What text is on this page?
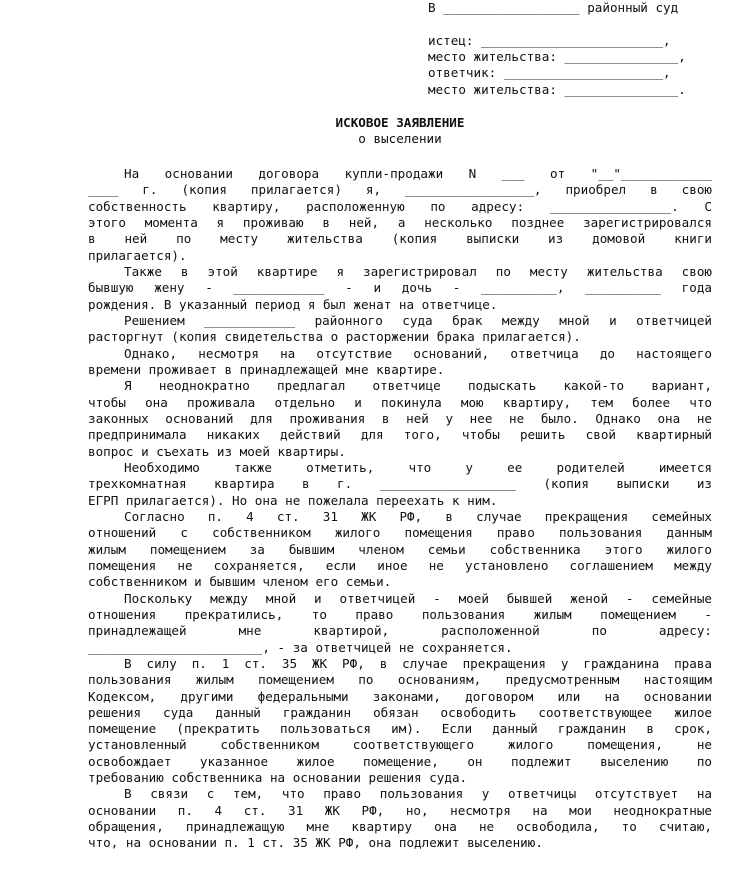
В __________________ районный суд
истец: ________________________,
место жительства: _______________,
ответчик: _____________________,
место жительства: _______________.
ИСКОВОЕ ЗАЯВЛЕНИЕ
о выселении
На основании договора купли-продажи N ___ от "__"____________
____ г. (копия прилагается) я, _________________, приобрел в свою
собственность квартиру, расположенную по адресу: ________________. С
этого момента я проживаю в ней, а несколько позднее зарегистрировался
в ней по месту жительства (копия выписки из домовой книги
прилагается).
Также в этой квартире я зарегистрировал по месту жительства свою
бывшую жену - ____________ - и дочь - __________, __________ года
рождения. В указанный период я был женат на ответчице.
Решением ____________ районного суда брак между мной и ответчицей
расторгнут (копия свидетельства о расторжении брака прилагается).
Однако, несмотря на отсутствие оснований, ответчица до настоящего
времени проживает в принадлежащей мне квартире.
Я неоднократно предлагал ответчице подыскать какой-то вариант,
чтобы она проживала отдельно и покинула мою квартиру, тем более что
законных оснований для проживания в ней у нее не было. Однако она не
предпринимала никаких действий для того, чтобы решить свой квартирный
вопрос и съехать из моей квартиры.
Необходимо также отметить, что у ее родителей имеется
трехкомнатная квартира в г. __________________ (копия выписки из
ЕГРП прилагается). Но она не пожелала переехать к ним.
Согласно п. 4 ст. 31 ЖК РФ, в случае прекращения семейных
отношений с собственником жилого помещения право пользования данным
жилым помещением за бывшим членом семьи собственника этого жилого
помещения не сохраняется, если иное не установлено соглашением между
собственником и бывшим членом его семьи.
Поскольку между мной и ответчицей - моей бывшей женой - семейные
отношения прекратились, то право пользования жилым помещением -
принадлежащей мне квартирой, расположенной по адресу:
_______________________, - за ответчицей не сохраняется.
В силу п. 1 ст. 35 ЖК РФ, в случае прекращения у гражданина права
пользования жилым помещением по основаниям, предусмотренным настоящим
Кодексом, другими федеральными законами, договором или на основании
решения суда данный гражданин обязан освободить соответствующее жилое
помещение (прекратить пользоваться им). Если данный гражданин в срок,
установленный собственником соответствующего жилого помещения, не
освобождает указанное жилое помещение, он подлежит выселению по
требованию собственника на основании решения суда.
В связи с тем, что право пользования у ответчицы отсутствует на
основании п. 4 ст. 31 ЖК РФ, но, несмотря на мои неоднократные
обращения, принадлежащую мне квартиру она не освободила, то считаю,
что, на основании п. 1 ст. 35 ЖК РФ, она подлежит выселению.
